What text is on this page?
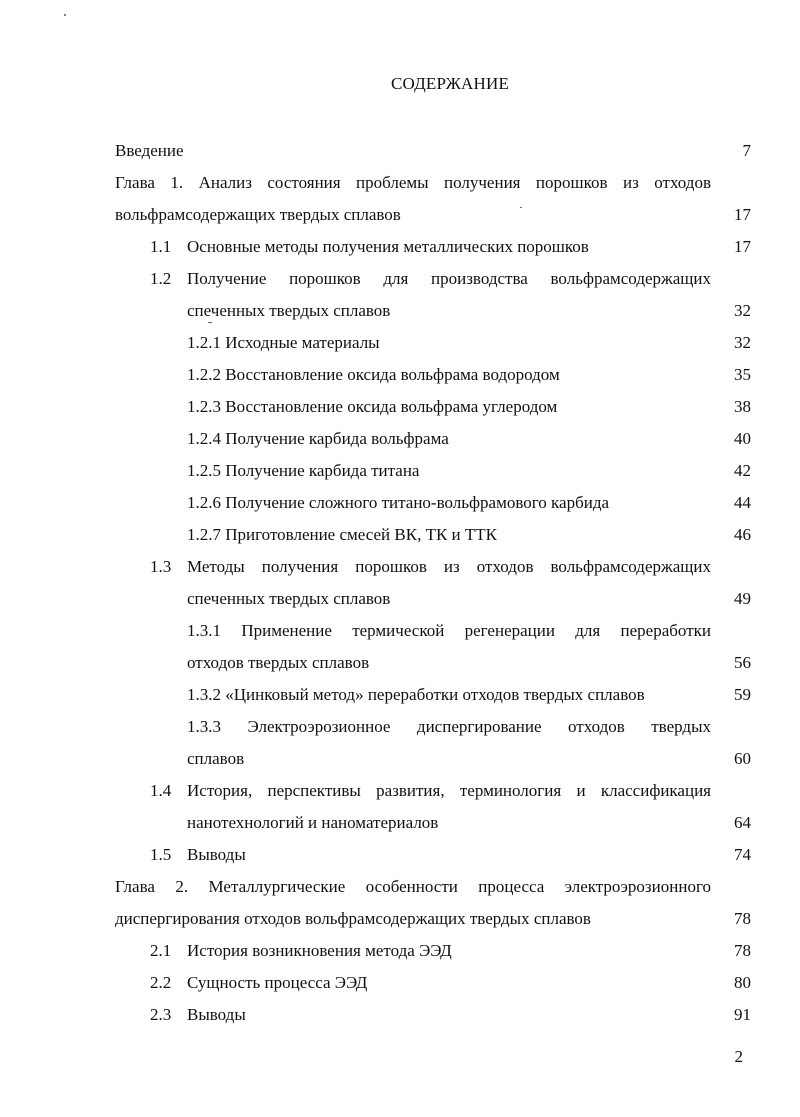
СОДЕРЖАНИЕ
Введение	7
Глава 1. Анализ состояния проблемы получения порошков из отходов
вольфрамсодержащих твердых сплавов	17
1.1 Основные методы получения металлических порошков	17
1.2 Получение порошков для производства вольфрамсодержащих
спеченных твердых сплавов	32
1.2.1 Исходные материалы	32
1.2.2 Восстановление оксида вольфрама водородом	35
1.2.3 Восстановление оксида вольфрама углеродом	38
1.2.4 Получение карбида вольфрама	40
1.2.5 Получение карбида титана	42
1.2.6 Получение сложного титано-вольфрамового карбида	44
1.2.7 Приготовление смесей ВК, ТК и ТТК	46
1.3 Методы получения порошков из отходов вольфрамсодержащих
спеченных твердых сплавов	49
1.3.1 Применение термической регенерации для переработки
отходов твердых сплавов	56
1.3.2 «Цинковый метод» переработки отходов твердых сплавов	59
1.3.3 Электроэрозионное диспергирование отходов твердых
сплавов	60
1.4 История, перспективы развития, терминология и классификация
нанотехнологий и наноматериалов	64
1.5 Выводы	74
Глава 2. Металлургические особенности процесса электроэрозионного
диспергирования отходов вольфрамсодержащих твердых сплавов	78
2.1 История возникновения метода ЭЭД	78
2.2 Сущность процесса ЭЭД	80
2.3 Выводы	91
2
